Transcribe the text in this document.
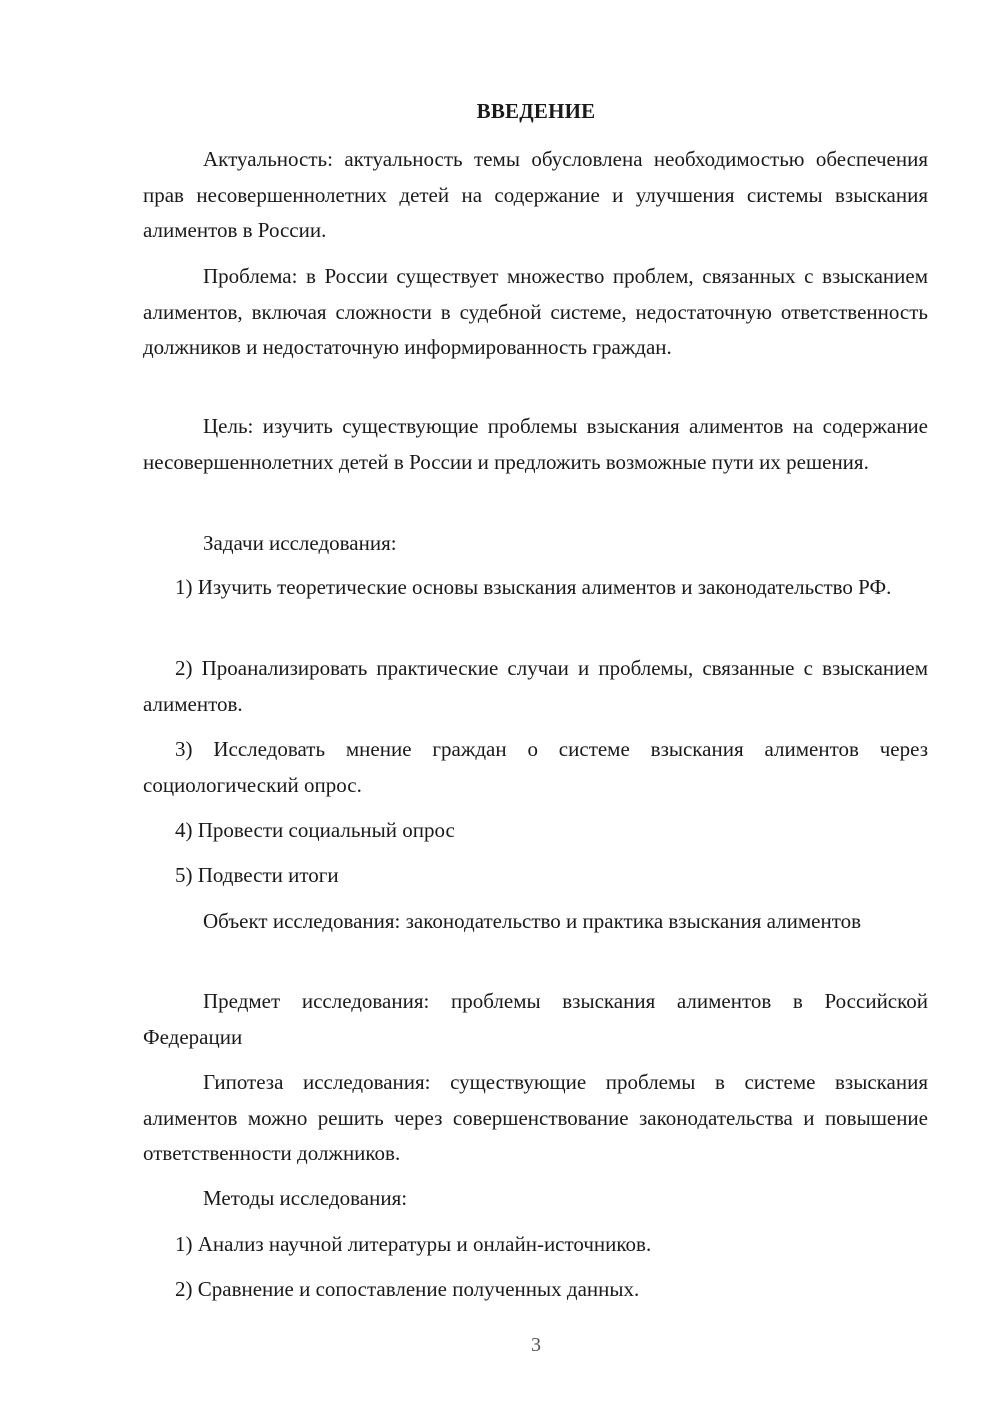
ВВЕДЕНИЕ

Актуальность: актуальность темы обусловлена необходимостью обеспечения прав несовершеннолетних детей на содержание и улучшения системы взыскания алиментов в России.

Проблема: в России существует множество проблем, связанных с взысканием алиментов, включая сложности в судебной системе, недостаточную ответственность должников и недостаточную информированность граждан.

Цель: изучить существующие проблемы взыскания алиментов на содержание несовершеннолетних детей в России и предложить возможные пути их решения.

Задачи исследования:

1) Изучить теоретические основы взыскания алиментов и законодательство РФ.

2) Проанализировать практические случаи и проблемы, связанные с взысканием алиментов.

3) Исследовать мнение граждан о системе взыскания алиментов через социологический опрос.

4) Провести социальный опрос

5) Подвести итоги

Объект исследования: законодательство и практика взыскания алиментов

Предмет исследования: проблемы взыскания алиментов в Российской Федерации

Гипотеза исследования: существующие проблемы в системе взыскания алиментов можно решить через совершенствование законодательства и повышение ответственности должников.

Методы исследования:

1) Анализ научной литературы и онлайн-источников.

2) Сравнение и сопоставление полученных данных.

3
